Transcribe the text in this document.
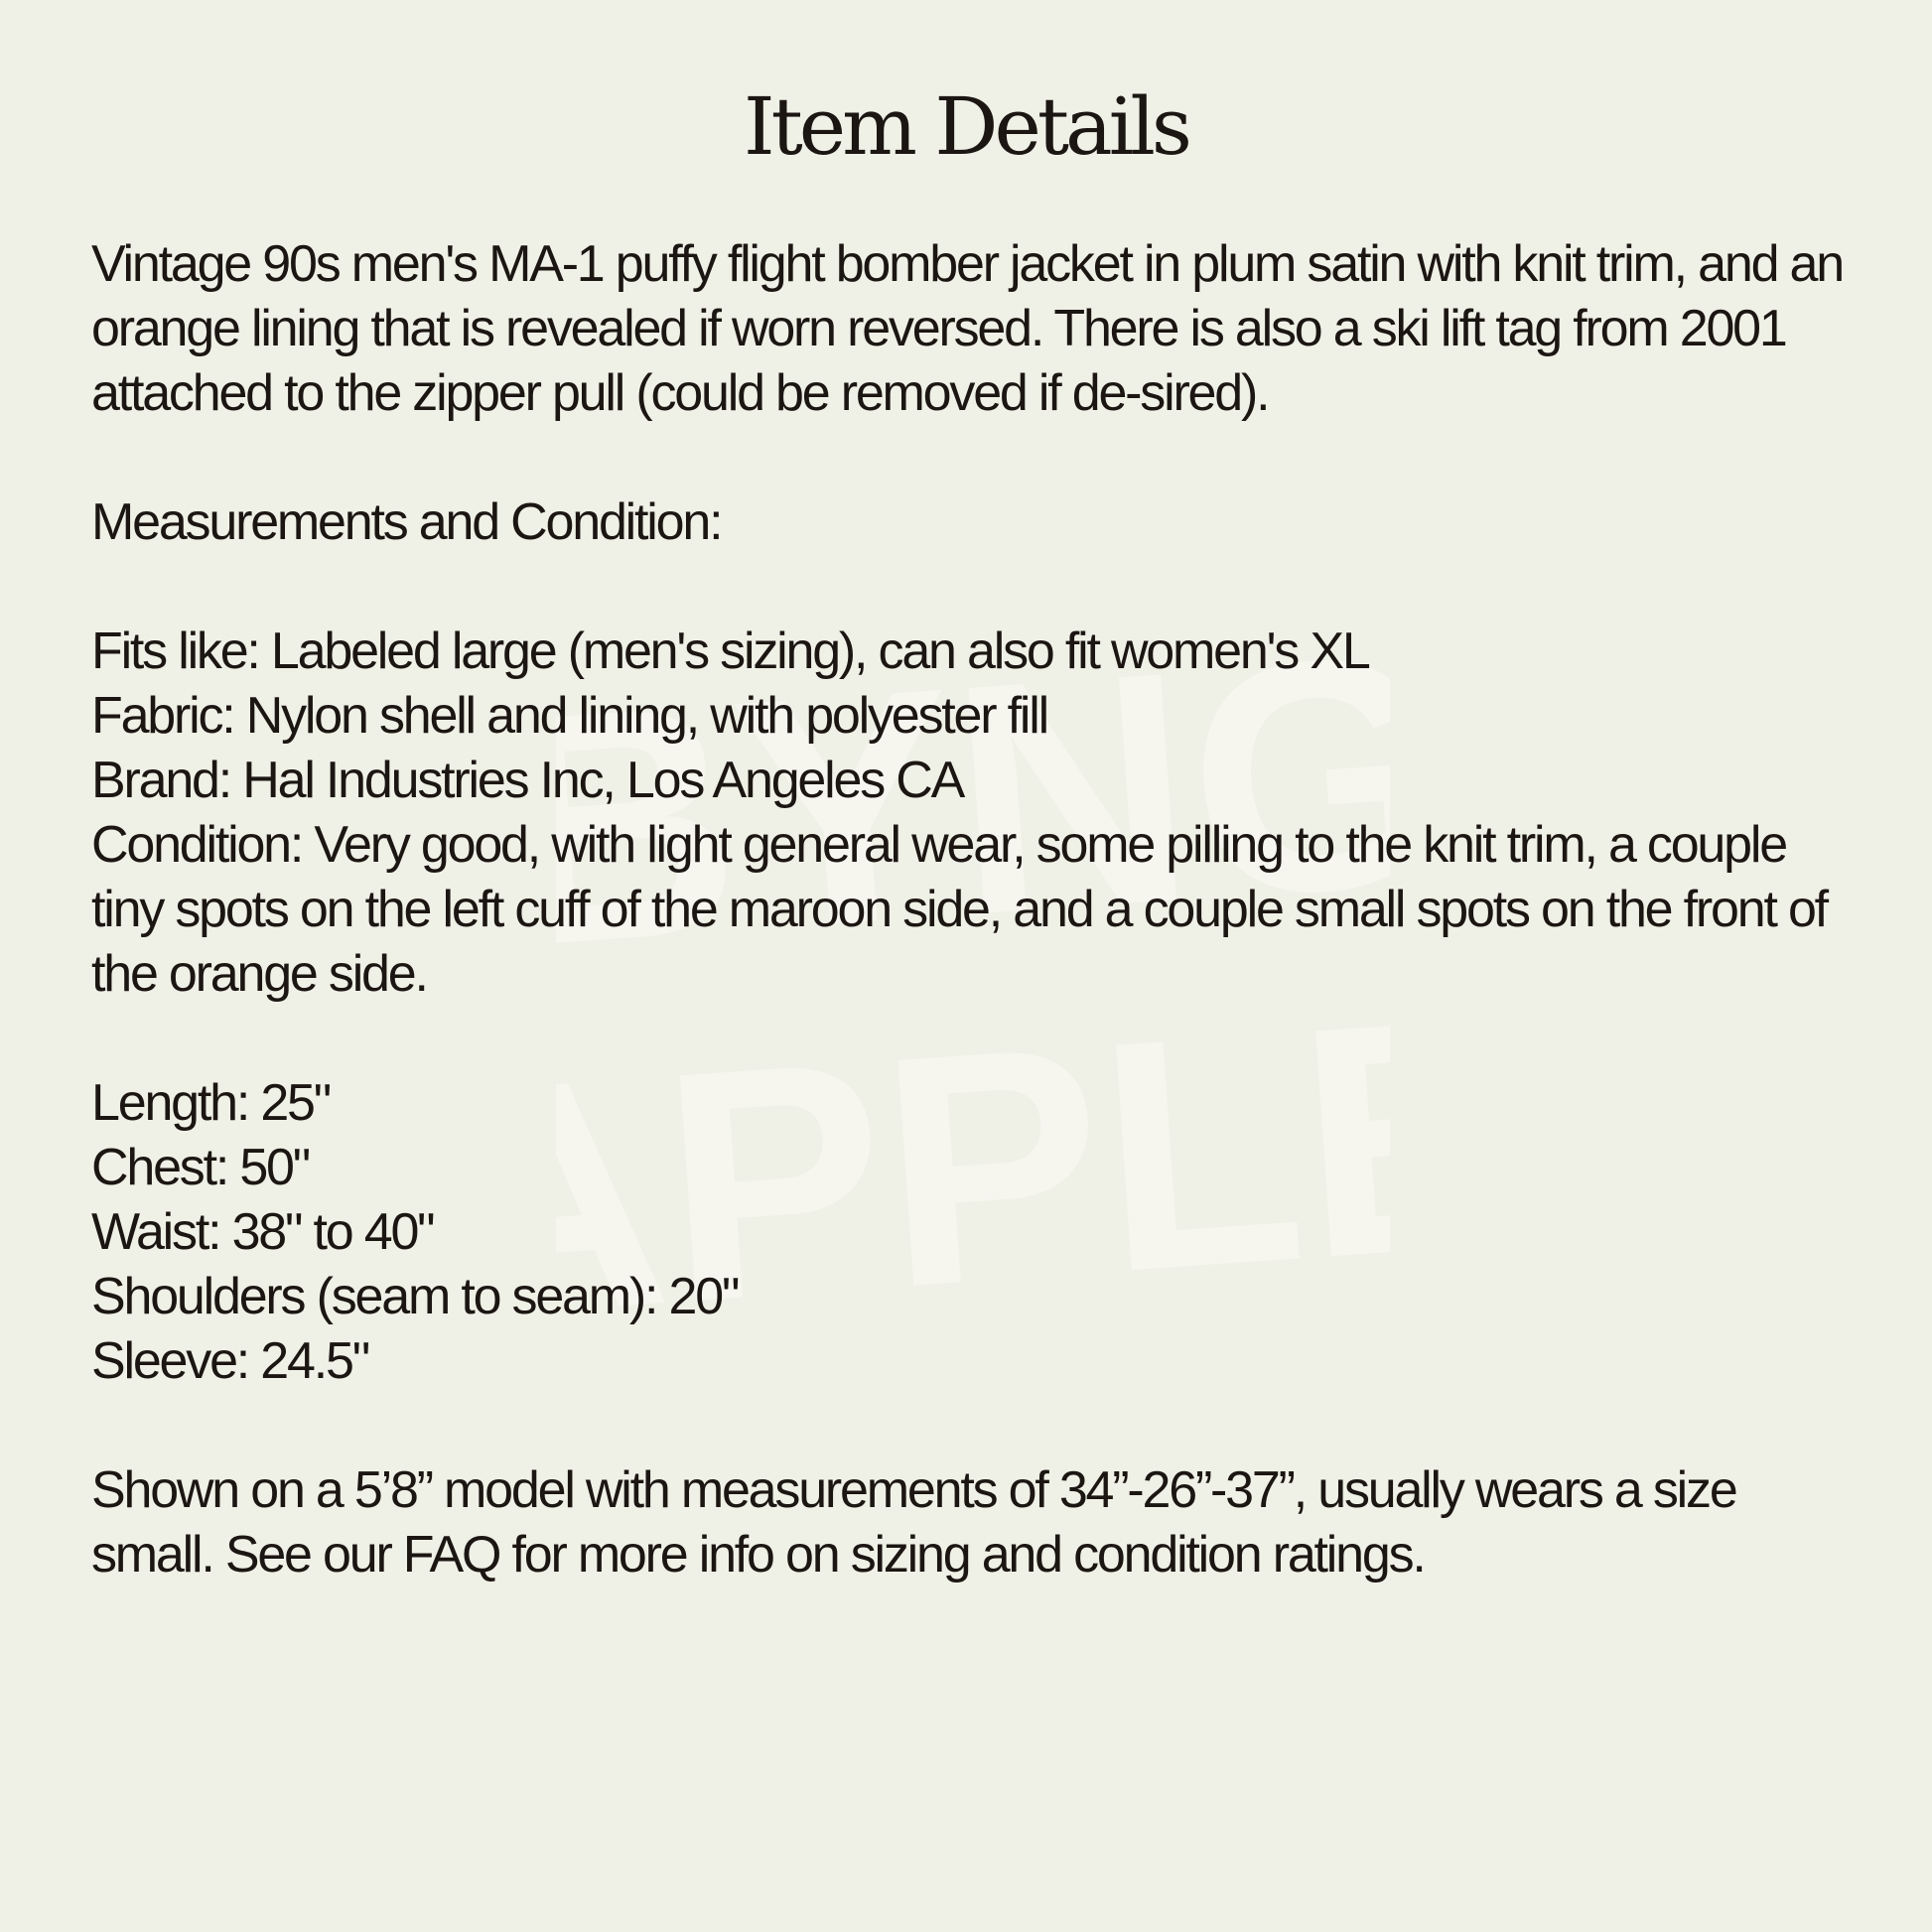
BYNG
APPLE
Item Details

Vintage 90s men's MA-1 puffy flight bomber jacket in plum satin with knit trim, and an orange lining that is revealed if worn reversed. There is also a ski lift tag from 2001 attached to the zipper pull (could be removed if de-sired).

Measurements and Condition:

Fits like: Labeled large (men's sizing), can also fit women's XL

Fabric: Nylon shell and lining, with polyester fill

Brand: Hal Industries Inc, Los Angeles CA

Condition: Very good, with light general wear, some pilling to the knit trim, a couple tiny spots on the left cuff of the maroon side, and a couple small spots on the front of the orange side.

Length: 25"

Chest: 50"

Waist: 38" to 40"

Shoulders (seam to seam): 20"

Sleeve: 24.5"

Shown on a 5’8” model with measurements of 34”-26”-37”, usually wears a size small. See our FAQ for more info on sizing and condition ratings.
